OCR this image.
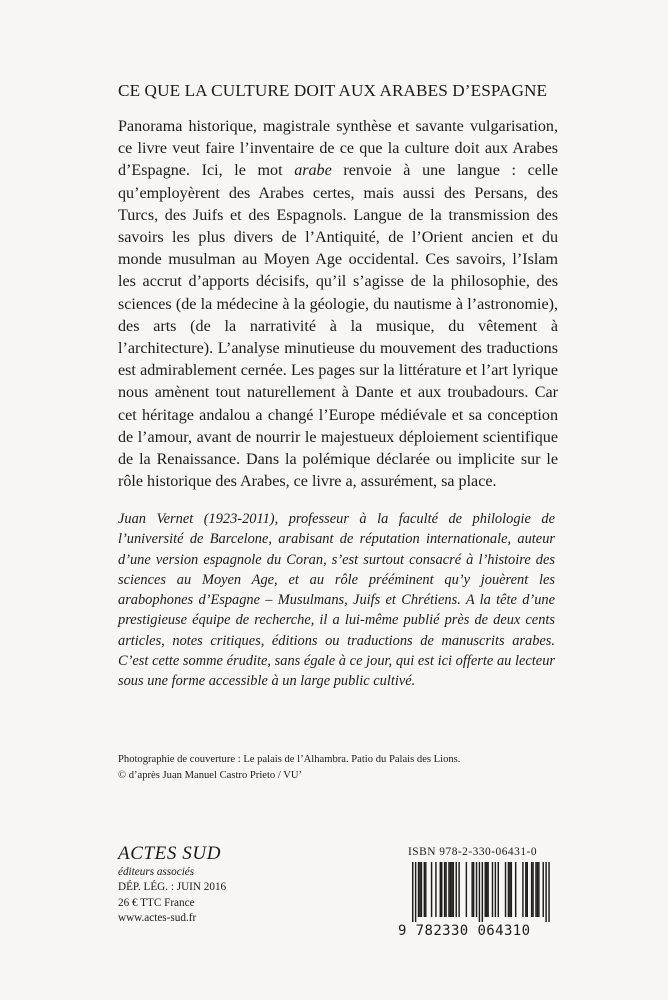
CE QUE LA CULTURE DOIT AUX ARABES D’ESPAGNE

Panorama historique, magistrale synthèse et savante vulgarisation, ce livre veut faire l’inventaire de ce que la culture doit aux Arabes d’Espagne. Ici, le mot arabe renvoie à une langue : celle qu’employèrent des Arabes certes, mais aussi des Persans, des Turcs, des Juifs et des Espagnols. Langue de la transmission des savoirs les plus divers de l’Antiquité, de l’Orient ancien et du monde musulman au Moyen Age occidental. Ces savoirs, l’Islam les accrut d’apports décisifs, qu’il s’agisse de la philosophie, des sciences (de la médecine à la géologie, du nautisme à l’astronomie), des arts (de la narrativité à la musique, du vêtement à l’architecture). L’analyse minutieuse du mouvement des traductions est admirablement cernée. Les pages sur la littérature et l’art lyrique nous amènent tout naturellement à Dante et aux troubadours. Car cet héritage andalou a changé l’Europe médiévale et sa conception de l’amour, avant de nourrir le majestueux déploiement scientifique de la Renaissance. Dans la polémique déclarée ou implicite sur le rôle historique des Arabes, ce livre a, assurément, sa place.

Juan Vernet (1923-2011), professeur à la faculté de philologie de l’université de Barcelone, arabisant de réputation internationale, auteur d’une version espagnole du Coran, s’est surtout consacré à l’histoire des sciences au Moyen Age, et au rôle prééminent qu’y jouèrent les arabophones d’Espagne – Musulmans, Juifs et Chrétiens. A la tête d’une prestigieuse équipe de recherche, il a lui-même publié près de deux cents articles, notes critiques, éditions ou traductions de manuscrits arabes. C’est cette somme érudite, sans égale à ce jour, qui est ici offerte au lecteur sous une forme accessible à un large public cultivé.

Photographie de couverture : Le palais de l’Alhambra. Patio du Palais des Lions.
© d’après Juan Manuel Castro Prieto / VU’
ACTES SUD
éditeurs associés
DÉP. LÉG. : JUIN 2016
26 € TTC France
www.actes-sud.fr
ISBN 978-2-330-06431-0
9 782330 064310
